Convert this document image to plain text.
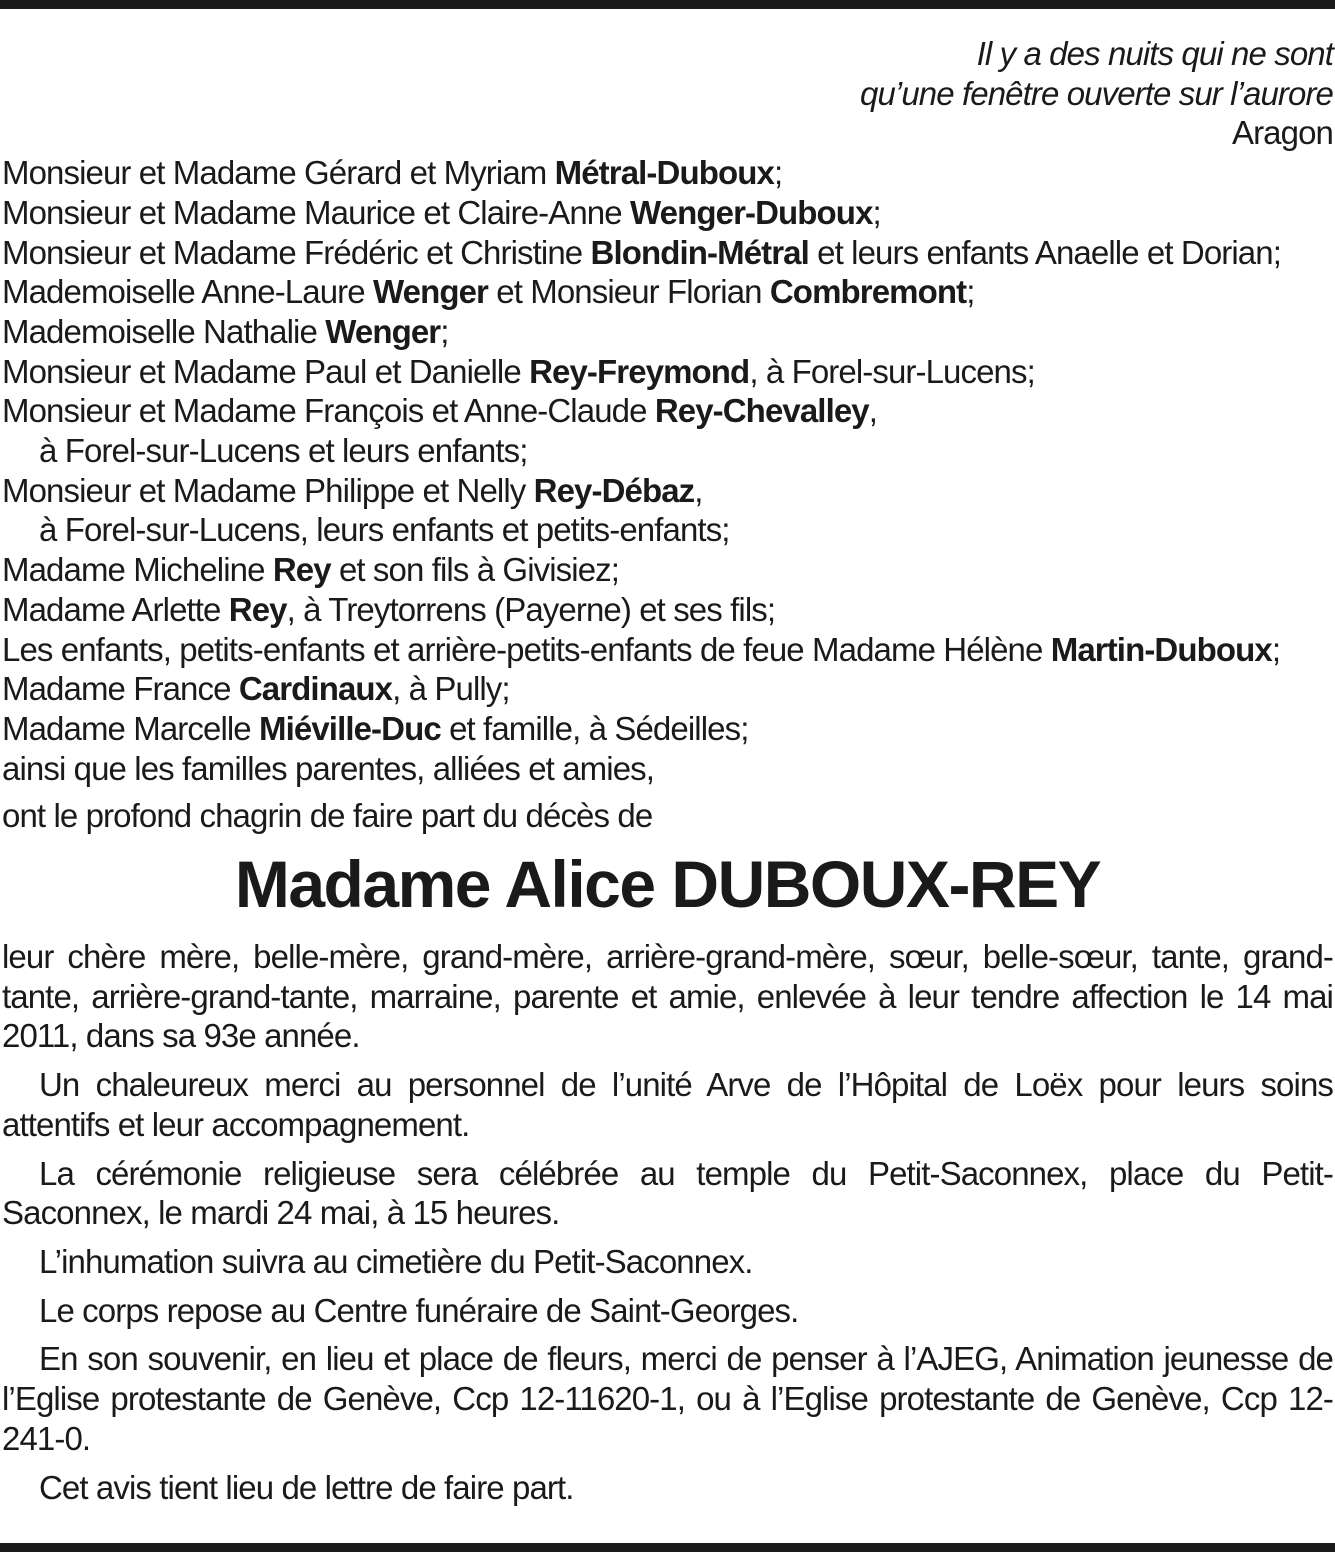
Il y a des nuits qui ne sont
qu’une fenêtre ouverte sur l’aurore
Aragon
Monsieur et Madame Gérard et Myriam Métral-Duboux;
Monsieur et Madame Maurice et Claire-Anne Wenger-Duboux;
Monsieur et Madame Frédéric et Christine Blondin-Métral et leurs enfants Anaelle et Dorian;
Mademoiselle Anne-Laure Wenger et Monsieur Florian Combremont;
Mademoiselle Nathalie Wenger;
Monsieur et Madame Paul et Danielle Rey-Freymond, à Forel-sur-Lucens;
Monsieur et Madame François et Anne-Claude Rey-Chevalley,
à Forel-sur-Lucens et leurs enfants;
Monsieur et Madame Philippe et Nelly Rey-Débaz,
à Forel-sur-Lucens, leurs enfants et petits-enfants;
Madame Micheline Rey et son fils à Givisiez;
Madame Arlette Rey, à Treytorrens (Payerne) et ses fils;
Les enfants, petits-enfants et arrière-petits-enfants de feue Madame Hélène Martin-Duboux;
Madame France Cardinaux, à Pully;
Madame Marcelle Miéville-Duc et famille, à Sédeilles;
ainsi que les familles parentes, alliées et amies,
ont le profond chagrin de faire part du décès de
Madame Alice DUBOUX-REY

leur chère mère, belle-mère, grand-mère, arrière-grand-mère, sœur, belle-sœur, tante, grand-tante, arrière-grand-tante, marraine, parente et amie, enlevée à leur tendre affection le 14 mai 2011, dans sa 93e année.

Un chaleureux merci au personnel de l’unité Arve de l’Hôpital de Loëx pour leurs soins attentifs et leur accompagnement.

La cérémonie religieuse sera célébrée au temple du Petit-Saconnex, place du Petit-Saconnex, le mardi 24 mai, à 15 heures.

L’inhumation suivra au cimetière du Petit-Saconnex.

Le corps repose au Centre funéraire de Saint-Georges.

En son souvenir, en lieu et place de fleurs, merci de penser à l’AJEG, Animation jeunesse de l’Eglise protestante de Genève, Ccp 12-11620-1, ou à l’Eglise protestante de Genève, Ccp 12-241-0.

Cet avis tient lieu de lettre de faire part.
